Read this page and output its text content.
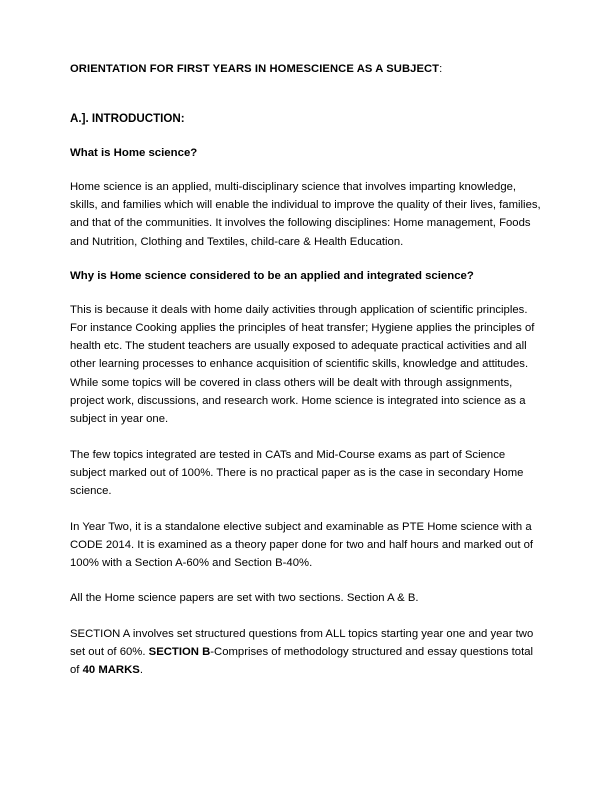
ORIENTATION FOR FIRST YEARS IN HOMESCIENCE AS A SUBJECT:
A.]. INTRODUCTION:
What is Home science?

Home science is an applied, multi-disciplinary science that involves imparting knowledge, skills, and families which will enable the individual to improve the quality of their lives, families, and that of the communities. It involves the following disciplines: Home management, Foods and Nutrition, Clothing and Textiles, child-care & Health Education.

Why is Home science considered to be an applied and integrated science?

This is because it deals with home daily activities through application of scientific principles. For instance Cooking applies the principles of heat transfer; Hygiene applies the principles of health etc. The student teachers are usually exposed to adequate practical activities and all other learning processes to enhance acquisition of scientific skills, knowledge and attitudes. While some topics will be covered in class others will be dealt with through assignments, project work, discussions, and research work. Home science is integrated into science as a subject in year one.

The few topics integrated are tested in CATs and Mid-Course exams as part of Science subject marked out of 100%. There is no practical paper as is the case in secondary Home science.

In Year Two, it is a standalone elective subject and examinable as PTE Home science with a CODE 2014. It is examined as a theory paper done for two and half hours and marked out of 100% with a Section A-60% and Section B-40%.

All the Home science papers are set with two sections. Section A & B.

SECTION A involves set structured questions from ALL topics starting year one and year two set out of 60%. SECTION B-Comprises of methodology structured and essay questions total of 40 MARKS.
